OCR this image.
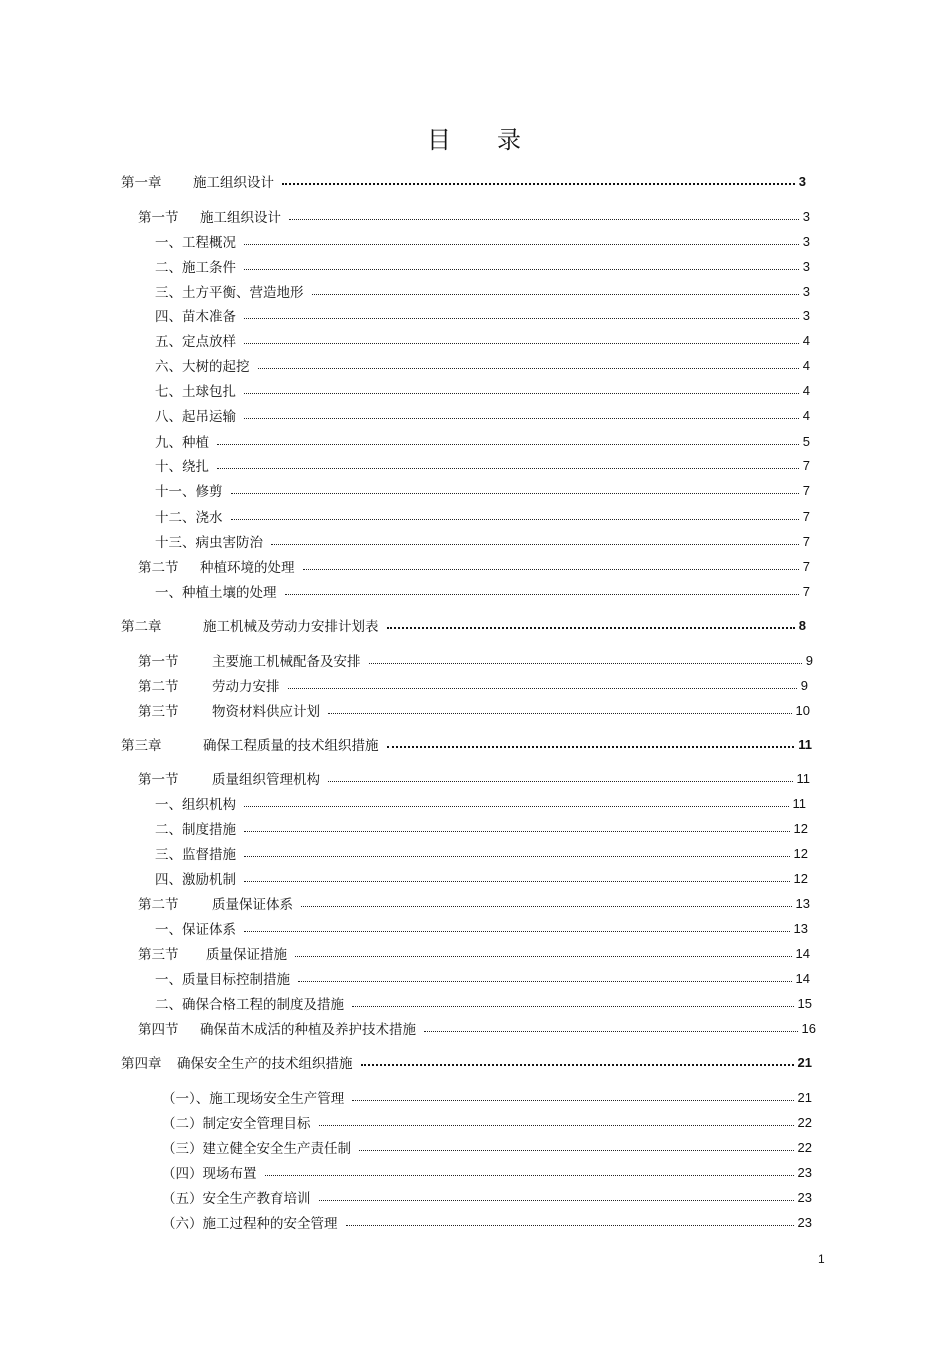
目 录
第一章	施工组织设计	3
第一节	施工组织设计	3
一、工程概况	3
二、施工条件	3
三、土方平衡、营造地形	3
四、苗木准备	3
五、定点放样	4
六、大树的起挖	4
七、土球包扎	4
八、起吊运输	4
九、种植	5
十、绕扎	7
十一、修剪	7
十二、浇水	7
十三、病虫害防治	7
第二节	种植环境的处理	7
一、种植土壤的处理	7
第二章	施工机械及劳动力安排计划表	8
第一节	主要施工机械配备及安排	9
第二节	劳动力安排	9
第三节	物资材料供应计划	10
第三章	确保工程质量的技术组织措施	11
第一节	质量组织管理机构	11
一、组织机构	11
二、制度措施	12
三、监督措施	12
四、激励机制	12
第二节	质量保证体系	13
一、保证体系	13
第三节	质量保证措施	14
一、质量目标控制措施	14
二、确保合格工程的制度及措施	15
第四节	确保苗木成活的种植及养护技术措施	16
第四章	确保安全生产的技术组织措施	21
（一）、施工现场安全生产管理	21
（二）制定安全管理目标	22
（三）建立健全安全生产责任制	22
（四）现场布置	23
（五）安全生产教育培训	23
（六）施工过程种的安全管理	23
1
